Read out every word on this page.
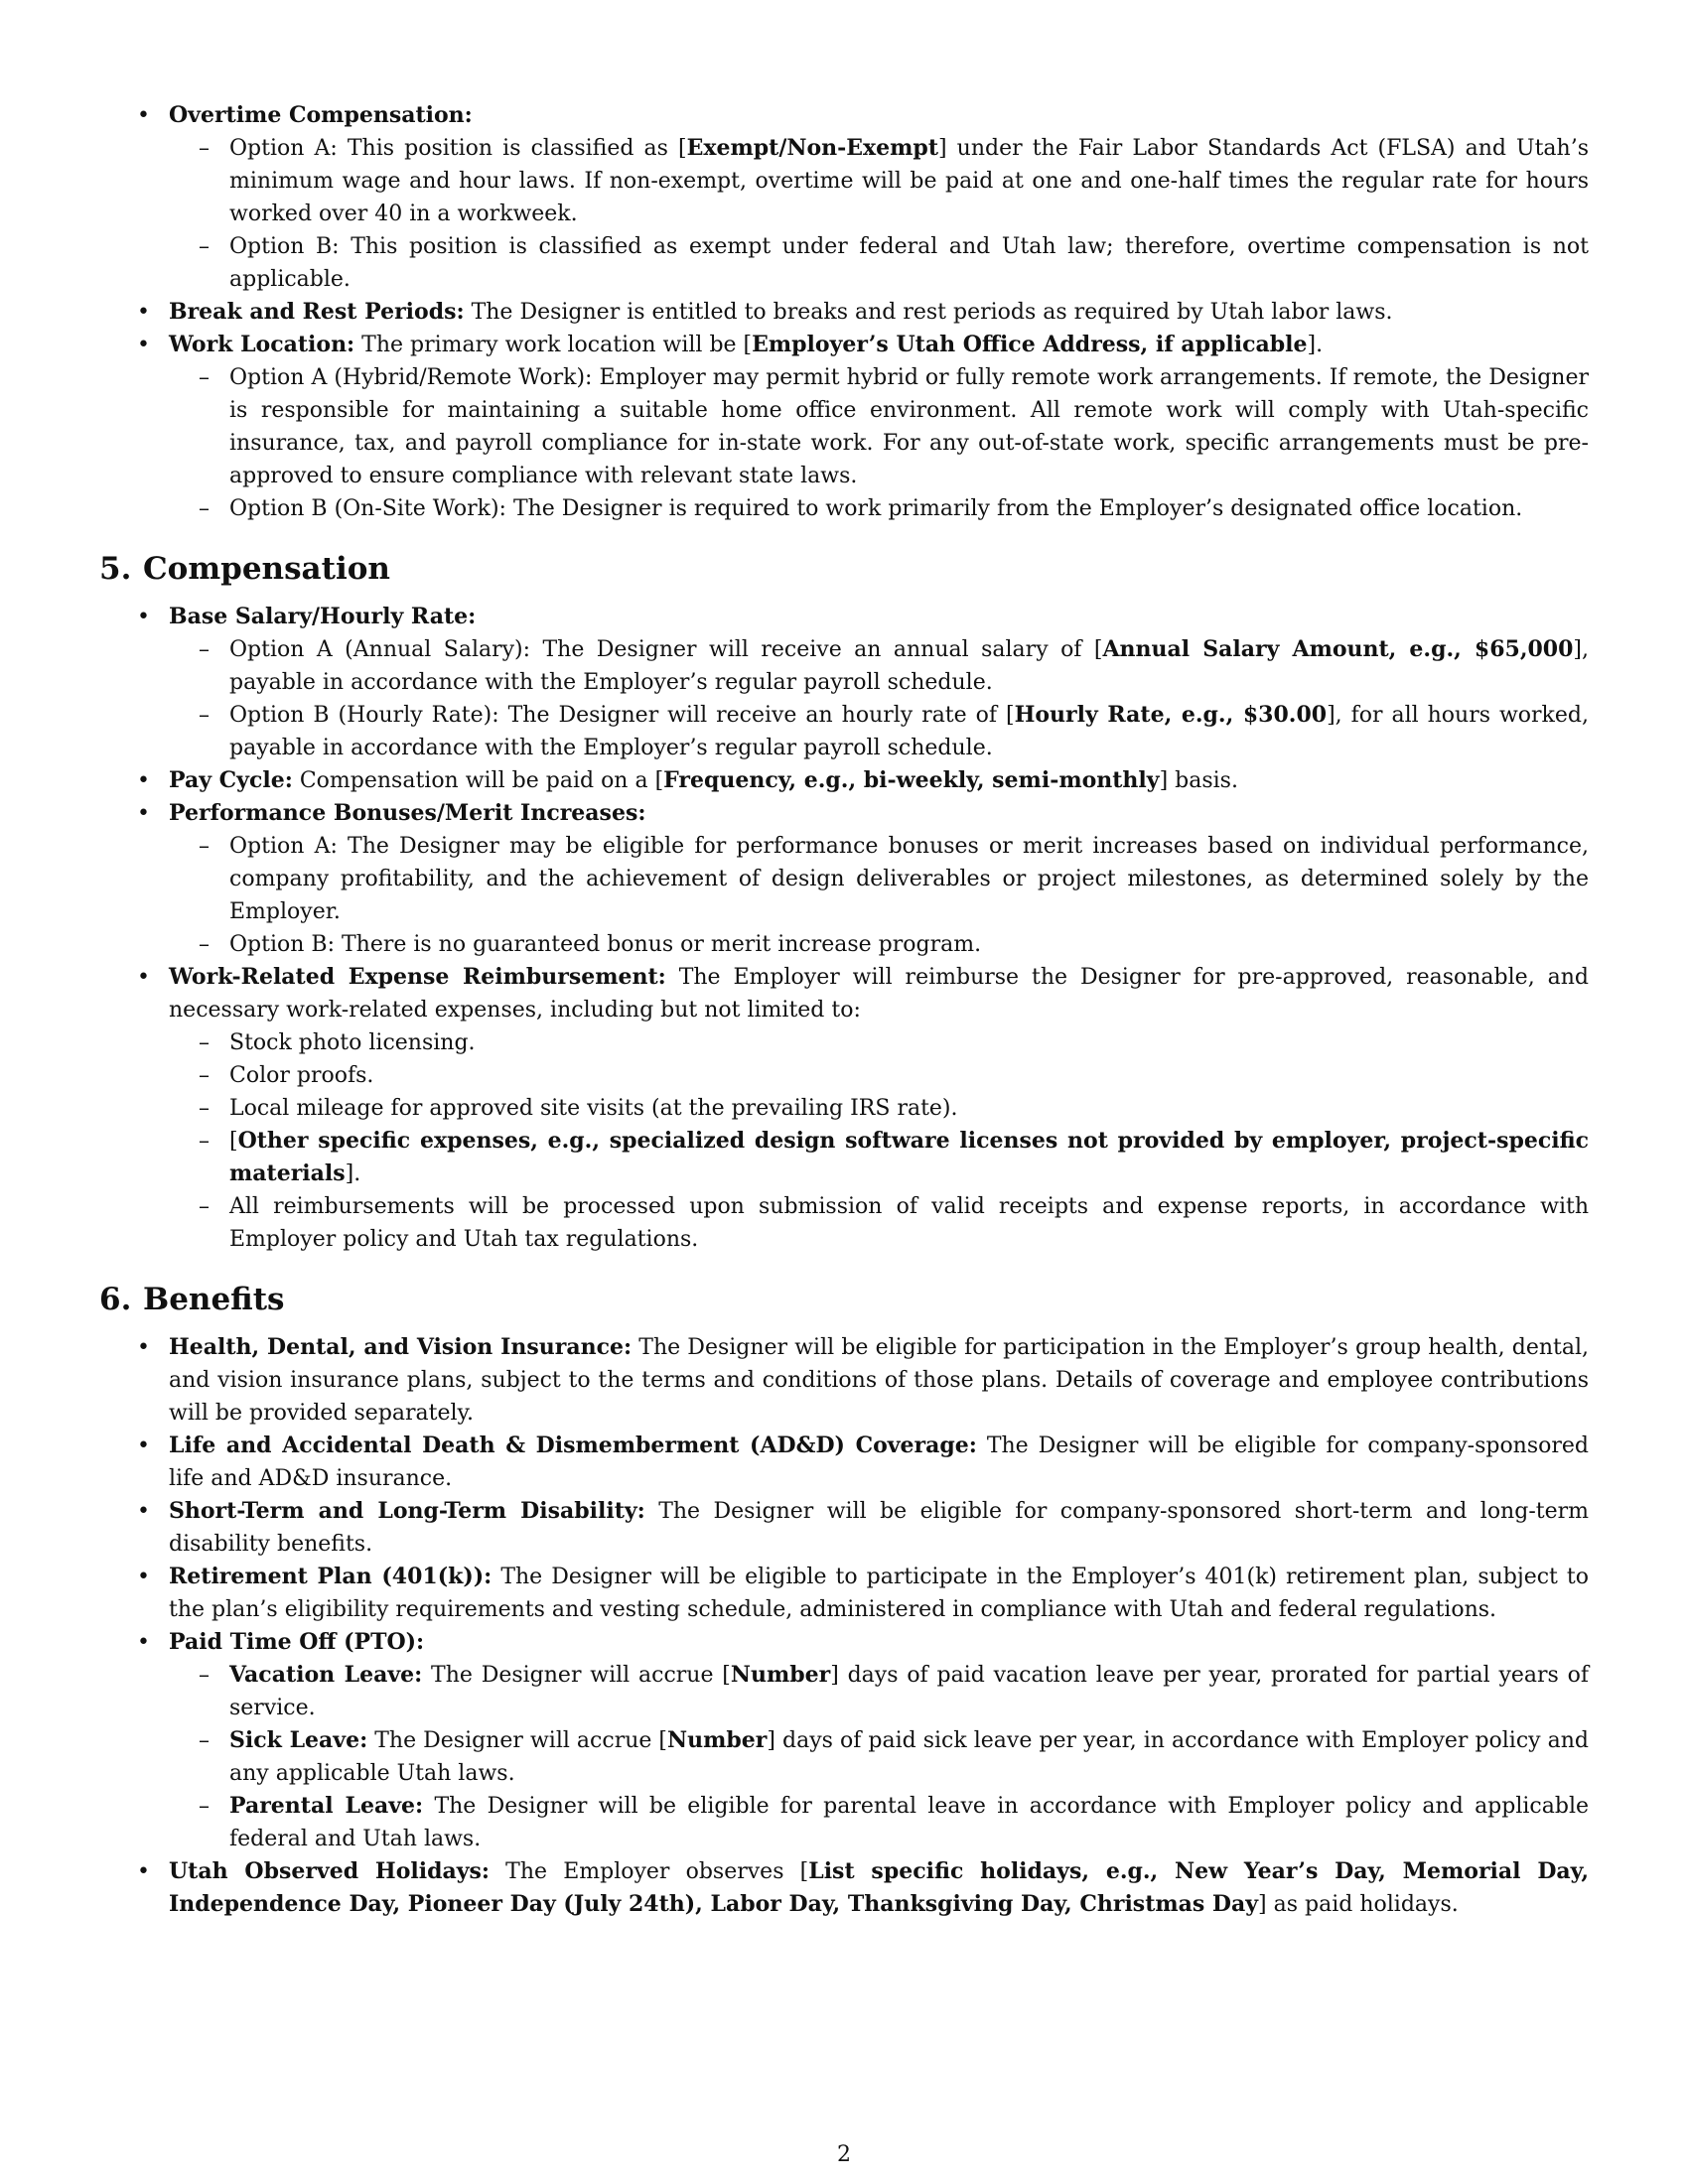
• Overtime Compensation:
– Option A: This position is classified as [Exempt/Non-Exempt] under the Fair Labor Standards Act (FLSA) and Utah’s minimum wage and hour laws. If non-exempt, overtime will be paid at one and one-half times the regular rate for hours worked over 40 in a workweek.
– Option B: This position is classified as exempt under federal and Utah law; therefore, overtime compensation is not applicable.
• Break and Rest Periods: The Designer is entitled to breaks and rest periods as required by Utah labor laws.
• Work Location: The primary work location will be [Employer’s Utah Office Address, if applicable].
– Option A (Hybrid/Remote Work): Employer may permit hybrid or fully remote work arrangements. If remote, the Designer is responsible for maintaining a suitable home office environment. All remote work will comply with Utah-specific insurance, tax, and payroll compliance for in-state work. For any out-of-state work, specific arrangements must be pre-approved to ensure compliance with relevant state laws.
– Option B (On-Site Work): The Designer is required to work primarily from the Employer’s designated office location.
5. Compensation
• Base Salary/Hourly Rate:
– Option A (Annual Salary): The Designer will receive an annual salary of [Annual Salary Amount, e.g., $65,000], payable in accordance with the Employer’s regular payroll schedule.
– Option B (Hourly Rate): The Designer will receive an hourly rate of [Hourly Rate, e.g., $30.00], for all hours worked, payable in accordance with the Employer’s regular payroll schedule.
• Pay Cycle: Compensation will be paid on a [Frequency, e.g., bi-weekly, semi-monthly] basis.
• Performance Bonuses/Merit Increases:
– Option A: The Designer may be eligible for performance bonuses or merit increases based on individual performance, company profitability, and the achievement of design deliverables or project milestones, as determined solely by the Employer.
– Option B: There is no guaranteed bonus or merit increase program.
• Work-Related Expense Reimbursement: The Employer will reimburse the Designer for pre-approved, reasonable, and necessary work-related expenses, including but not limited to:
– Stock photo licensing.
– Color proofs.
– Local mileage for approved site visits (at the prevailing IRS rate).
– [Other specific expenses, e.g., specialized design software licenses not provided by employer, project-specific materials].
– All reimbursements will be processed upon submission of valid receipts and expense reports, in accordance with Employer policy and Utah tax regulations.
6. Benefits
• Health, Dental, and Vision Insurance: The Designer will be eligible for participation in the Employer’s group health, dental, and vision insurance plans, subject to the terms and conditions of those plans. Details of coverage and employee contributions will be provided separately.
• Life and Accidental Death & Dismemberment (AD&D) Coverage: The Designer will be eligible for company-sponsored life and AD&D insurance.
• Short-Term and Long-Term Disability: The Designer will be eligible for company-sponsored short-term and long-term disability benefits.
• Retirement Plan (401(k)): The Designer will be eligible to participate in the Employer’s 401(k) retirement plan, subject to the plan’s eligibility requirements and vesting schedule, administered in compliance with Utah and federal regulations.
• Paid Time Off (PTO):
– Vacation Leave: The Designer will accrue [Number] days of paid vacation leave per year, prorated for partial years of service.
– Sick Leave: The Designer will accrue [Number] days of paid sick leave per year, in accordance with Employer policy and any applicable Utah laws.
– Parental Leave: The Designer will be eligible for parental leave in accordance with Employer policy and applicable federal and Utah laws.
• Utah Observed Holidays: The Employer observes [List specific holidays, e.g., New Year’s Day, Memorial Day, Independence Day, Pioneer Day (July 24th), Labor Day, Thanksgiving Day, Christmas Day] as paid holidays.
2
